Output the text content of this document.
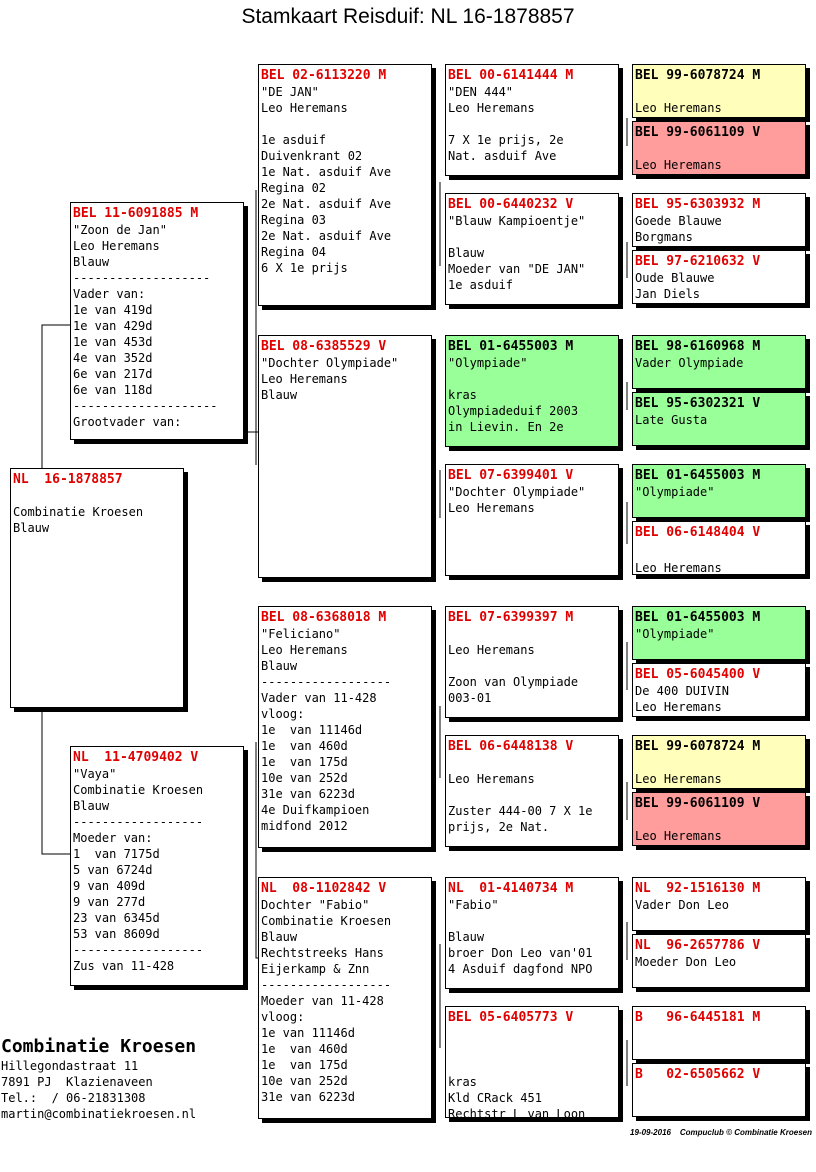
Stamkaart Reisduif: NL 16-1878857
NL  16-1878857

Combinatie Kroesen
Blauw
BEL 11-6091885 M
"Zoon de Jan"
Leo Heremans
Blauw
-------------------
Vader van:
1e van 419d
1e van 429d
1e van 453d
4e van 352d
6e van 217d
6e van 118d
--------------------
Grootvader van:
NL  11-4709402 V
"Vaya"
Combinatie Kroesen
Blauw
------------------
Moeder van:
1  van 7175d
5 van 6724d
9 van 409d
9 van 277d
23 van 6345d
53 van 8609d
------------------
Zus van 11-428
BEL 02-6113220 M
"DE JAN"
Leo Heremans

1e asduif
Duivenkrant 02
1e Nat. asduif Ave
Regina 02
2e Nat. asduif Ave
Regina 03
2e Nat. asduif Ave
Regina 04
6 X 1e prijs
BEL 08-6385529 V
"Dochter Olympiade"
Leo Heremans
Blauw
BEL 08-6368018 M
"Feliciano"
Leo Heremans
Blauw
------------------
Vader van 11-428
vloog:
1e  van 11146d
1e  van 460d
1e  van 175d
10e van 252d
31e van 6223d
4e Duifkampioen
midfond 2012
NL  08-1102842 V
Dochter "Fabio"
Combinatie Kroesen
Blauw
Rechtstreeks Hans
Eijerkamp & Znn
------------------
Moeder van 11-428
vloog:
1e van 11146d
1e  van 460d
1e  van 175d
10e van 252d
31e van 6223d
BEL 00-6141444 M
"DEN 444"
Leo Heremans

7 X 1e prijs, 2e
Nat. asduif Ave
BEL 00-6440232 V
"Blauw Kampioentje"

Blauw
Moeder van "DE JAN"
1e asduif
BEL 01-6455003 M
"Olympiade"

kras
Olympiadeduif 2003
in Lievin. En 2e
BEL 07-6399401 V
"Dochter Olympiade"
Leo Heremans
BEL 07-6399397 M

Leo Heremans

Zoon van Olympiade
003-01
BEL 06-6448138 V

Leo Heremans

Zuster 444-00 7 X 1e
prijs, 2e Nat.
NL  01-4140734 M
"Fabio"

Blauw
broer Don Leo van'01
4 Asduif dagfond NPO
BEL 05-6405773 V

kras
Kld CRack 451
Rechtstr L van Loon
BEL 99-6078724 M

Leo Heremans
BEL 99-6061109 V

Leo Heremans
BEL 95-6303932 M
Goede Blauwe
Borgmans
BEL 97-6210632 V
Oude Blauwe
Jan Diels
BEL 98-6160968 M
Vader Olympiade
BEL 95-6302321 V
Late Gusta
BEL 01-6455003 M
"Olympiade"
BEL 06-6148404 V

Leo Heremans
BEL 01-6455003 M
"Olympiade"
BEL 05-6045400 V
De 400 DUIVIN
Leo Heremans
BEL 99-6078724 M

Leo Heremans
BEL 99-6061109 V

Leo Heremans
NL  92-1516130 M
Vader Don Leo
NL  96-2657786 V
Moeder Don Leo
B   96-6445181 M
B   02-6505662 V
Combinatie Kroesen
Hillegondastraat 11
7891 PJ  Klazienaveen
Tel.:  / 06-21831308
martin@combinatiekroesen.nl
19-09-2016    Compuclub © Combinatie Kroesen
